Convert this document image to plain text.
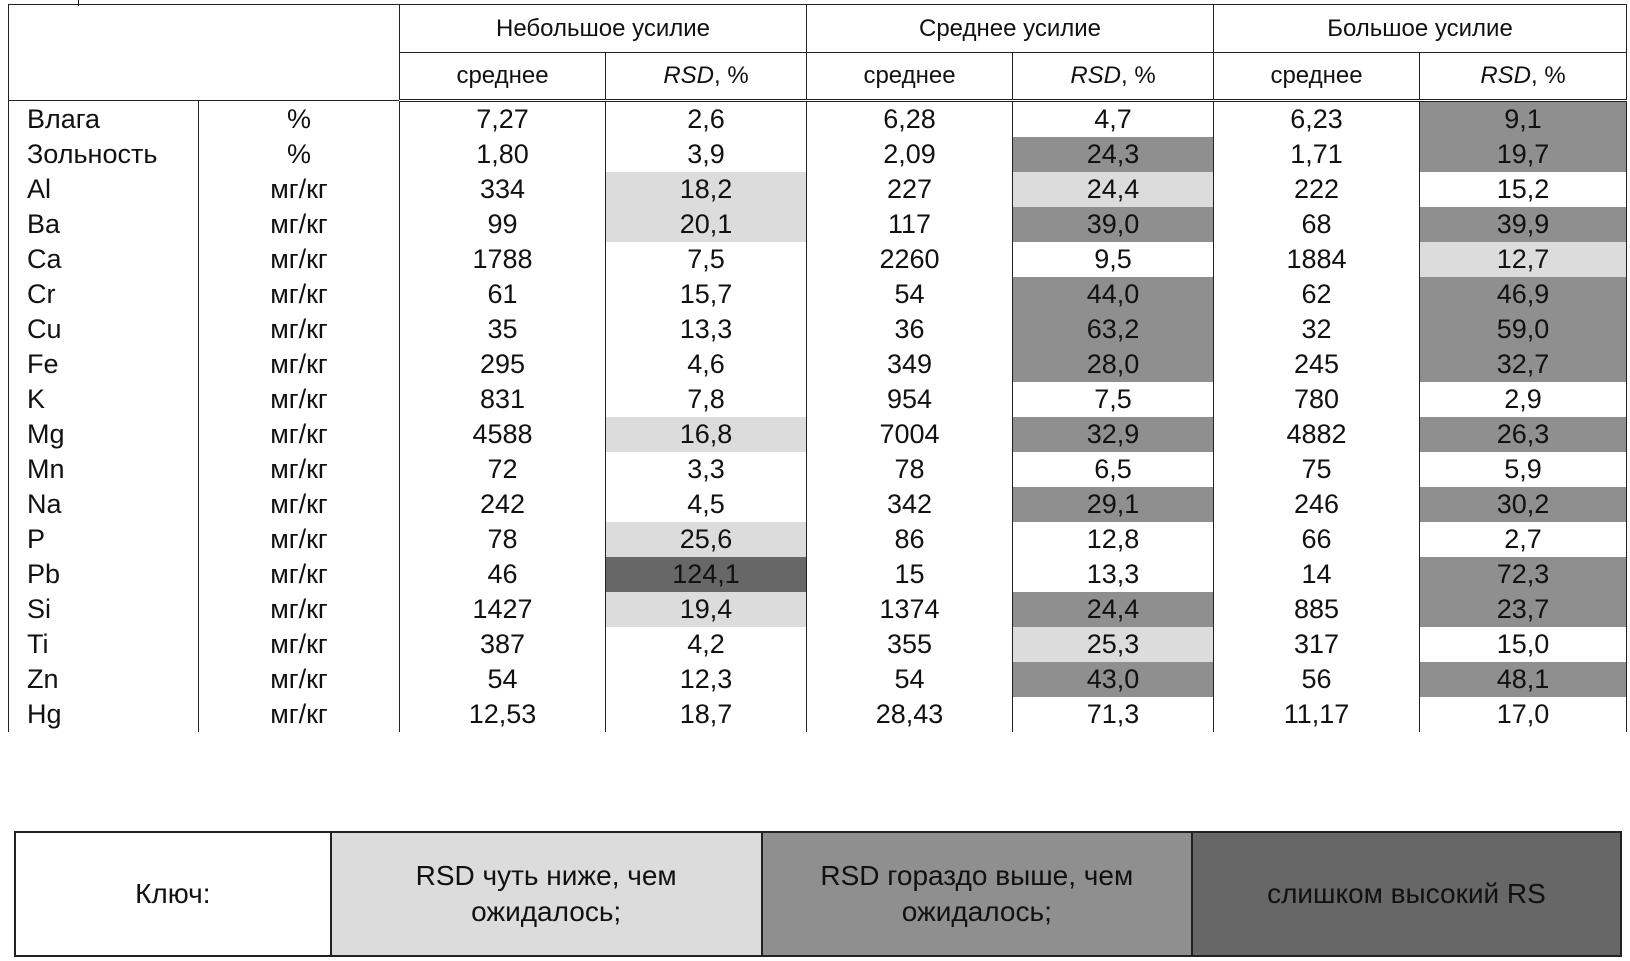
		Небольшое усилие		Среднее усилие		Большое усилие	
		среднее	RSD, %	среднее	RSD, %	среднее	RSD, %
Влага	%	7,27	2,6	6,28	4,7	6,23	9,1
Зольность	%	1,80	3,9	2,09	24,3	1,71	19,7
Al	мг/кг	334	18,2	227	24,4	222	15,2
Ba	мг/кг	99	20,1	117	39,0	68	39,9
Ca	мг/кг	1788	7,5	2260	9,5	1884	12,7
Cr	мг/кг	61	15,7	54	44,0	62	46,9
Cu	мг/кг	35	13,3	36	63,2	32	59,0
Fe	мг/кг	295	4,6	349	28,0	245	32,7
K	мг/кг	831	7,8	954	7,5	780	2,9
Mg	мг/кг	4588	16,8	7004	32,9	4882	26,3
Mn	мг/кг	72	3,3	78	6,5	75	5,9
Na	мг/кг	242	4,5	342	29,1	246	30,2
P	мг/кг	78	25,6	86	12,8	66	2,7
Pb	мг/кг	46	124,1	15	13,3	14	72,3
Si	мг/кг	1427	19,4	1374	24,4	885	23,7
Ti	мг/кг	387	4,2	355	25,3	317	15,0
Zn	мг/кг	54	12,3	54	43,0	56	48,1
Hg	мг/кг	12,53	18,7	28,43	71,3	11,17	17,0
Ключ:	RSD чуть ниже, чем ожидалось;	RSD гораздо выше, чем ожидалось;	слишком высокий RS
